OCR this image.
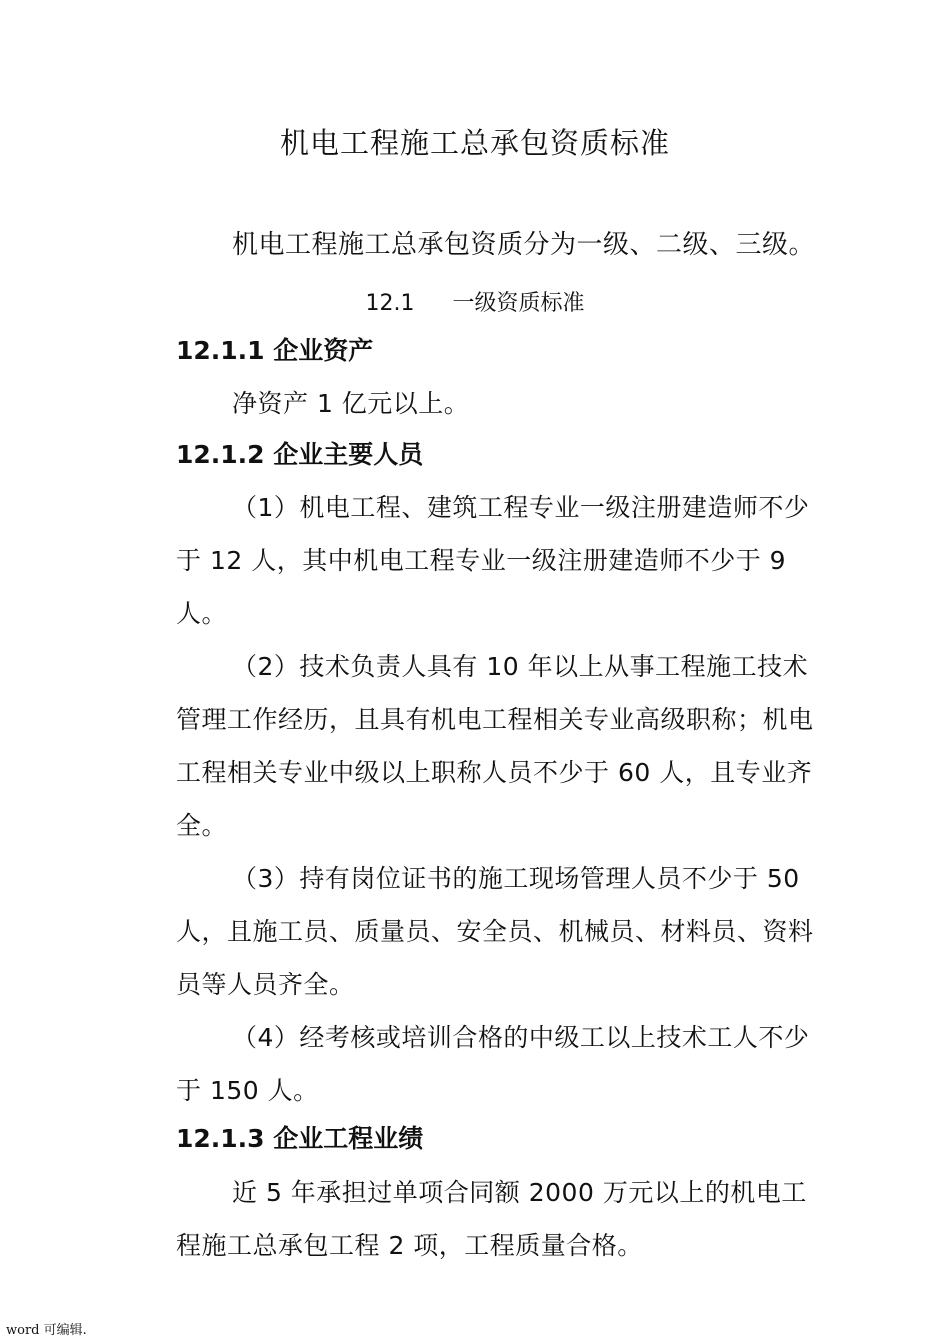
机电工程施工总承包资质标准
机电工程施工总承包资质分为一级、二级、三级。
12.1 一级资质标准
12.1.1 企业资产
净资产 1 亿元以上。
12.1.2 企业主要人员
（1）机电工程、建筑工程专业一级注册建造师不少于 12 人，其中机电工程专业一级注册建造师不少于 9 人。
（2）技术负责人具有 10 年以上从事工程施工技术管理工作经历，且具有机电工程相关专业高级职称；机电工程相关专业中级以上职称人员不少于 60 人，且专业齐全。
（3）持有岗位证书的施工现场管理人员不少于 50 人，且施工员、质量员、安全员、机械员、材料员、资料员等人员齐全。
（4）经考核或培训合格的中级工以上技术工人不少于 150 人。
12.1.3 企业工程业绩
近 5 年承担过单项合同额 2000 万元以上的机电工程施工总承包工程 2 项，工程质量合格。
word 可编辑.
